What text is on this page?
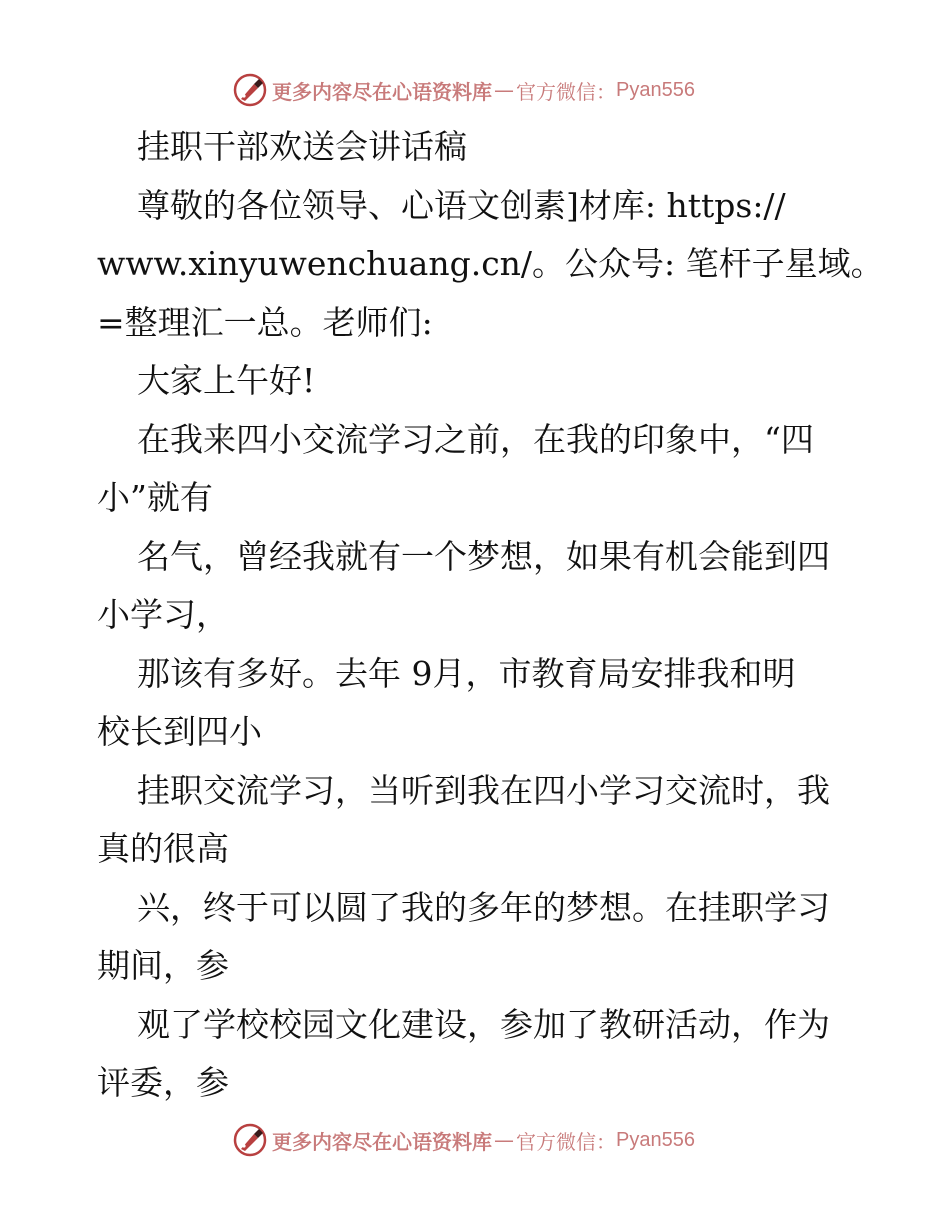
更多内容尽在心语资料库 — 官方微信： Pyan556
挂职干部欢送会讲话稿
尊敬的各位领导、心语文创素]材库: https://
www.xinyuwenchuang.cn/。公众号: 笔杆子星域。
=整理汇一总。老师们:
大家上午好!
在我来四小交流学习之前，在我的印象中，“四
小”就有
名气，曾经我就有一个梦想，如果有机会能到四
小学习，
那该有多好。去年 9月，市教育局安排我和明
校长到四小
挂职交流学习，当听到我在四小学习交流时，我
真的很高
兴，终于可以圆了我的多年的梦想。在挂职学习
期间，参
观了学校校园文化建设，参加了教研活动，作为
评委，参
更多内容尽在心语资料库 — 官方微信： Pyan556
